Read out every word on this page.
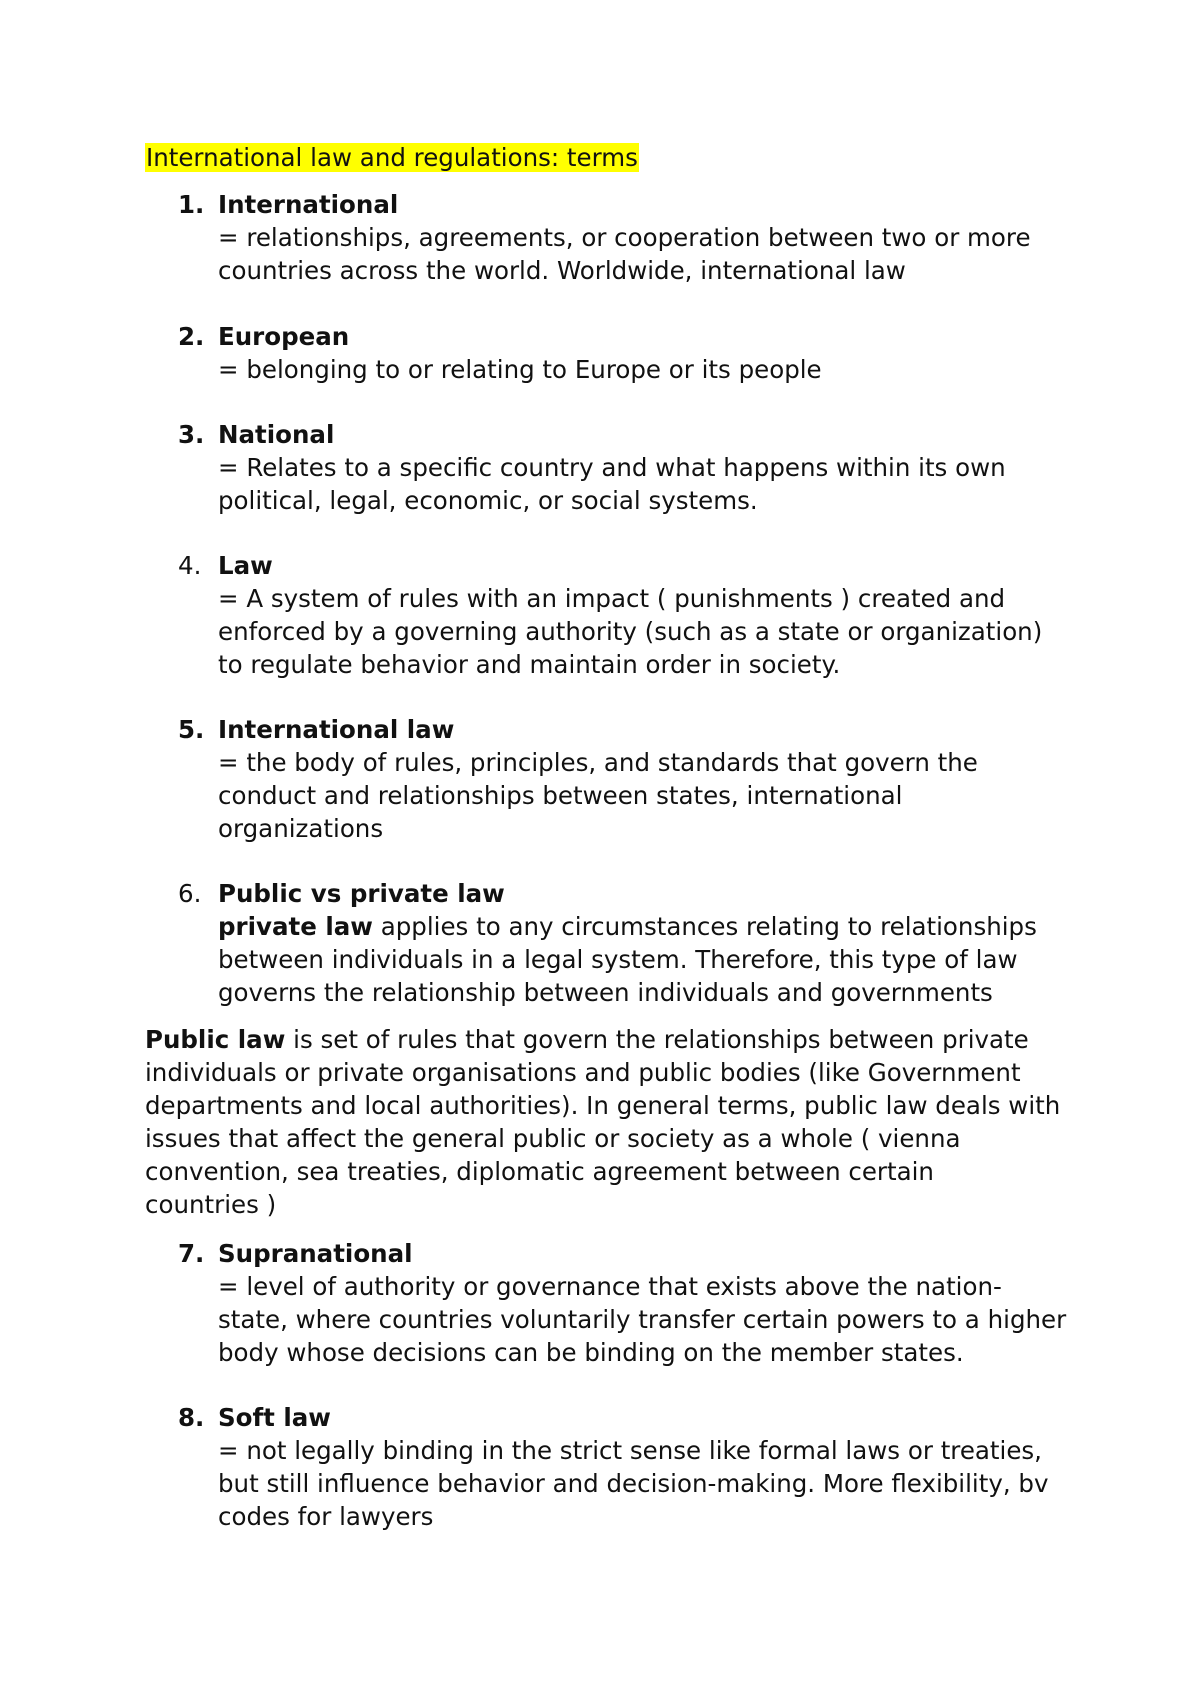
International law and regulations: terms
1. International
= relationships, agreements, or cooperation between two or more
countries across the world. Worldwide, international law
2. European
= belonging to or relating to Europe or its people
3. National
= Relates to a specific country and what happens within its own
political, legal, economic, or social systems.
4. Law
= A system of rules with an impact ( punishments ) created and
enforced by a governing authority (such as a state or organization)
to regulate behavior and maintain order in society.
5. International law
= the body of rules, principles, and standards that govern the
conduct and relationships between states, international
organizations
6. Public vs private law
private law applies to any circumstances relating to relationships
between individuals in a legal system. Therefore, this type of law
governs the relationship between individuals and governments
Public law is set of rules that govern the relationships between private
individuals or private organisations and public bodies (like Government
departments and local authorities). In general terms, public law deals with
issues that affect the general public or society as a whole ( vienna
convention, sea treaties, diplomatic agreement between certain
countries )
7. Supranational
= level of authority or governance that exists above the nation-
state, where countries voluntarily transfer certain powers to a higher
body whose decisions can be binding on the member states.
8. Soft law
= not legally binding in the strict sense like formal laws or treaties,
but still influence behavior and decision-making. More flexibility, bv
codes for lawyers
